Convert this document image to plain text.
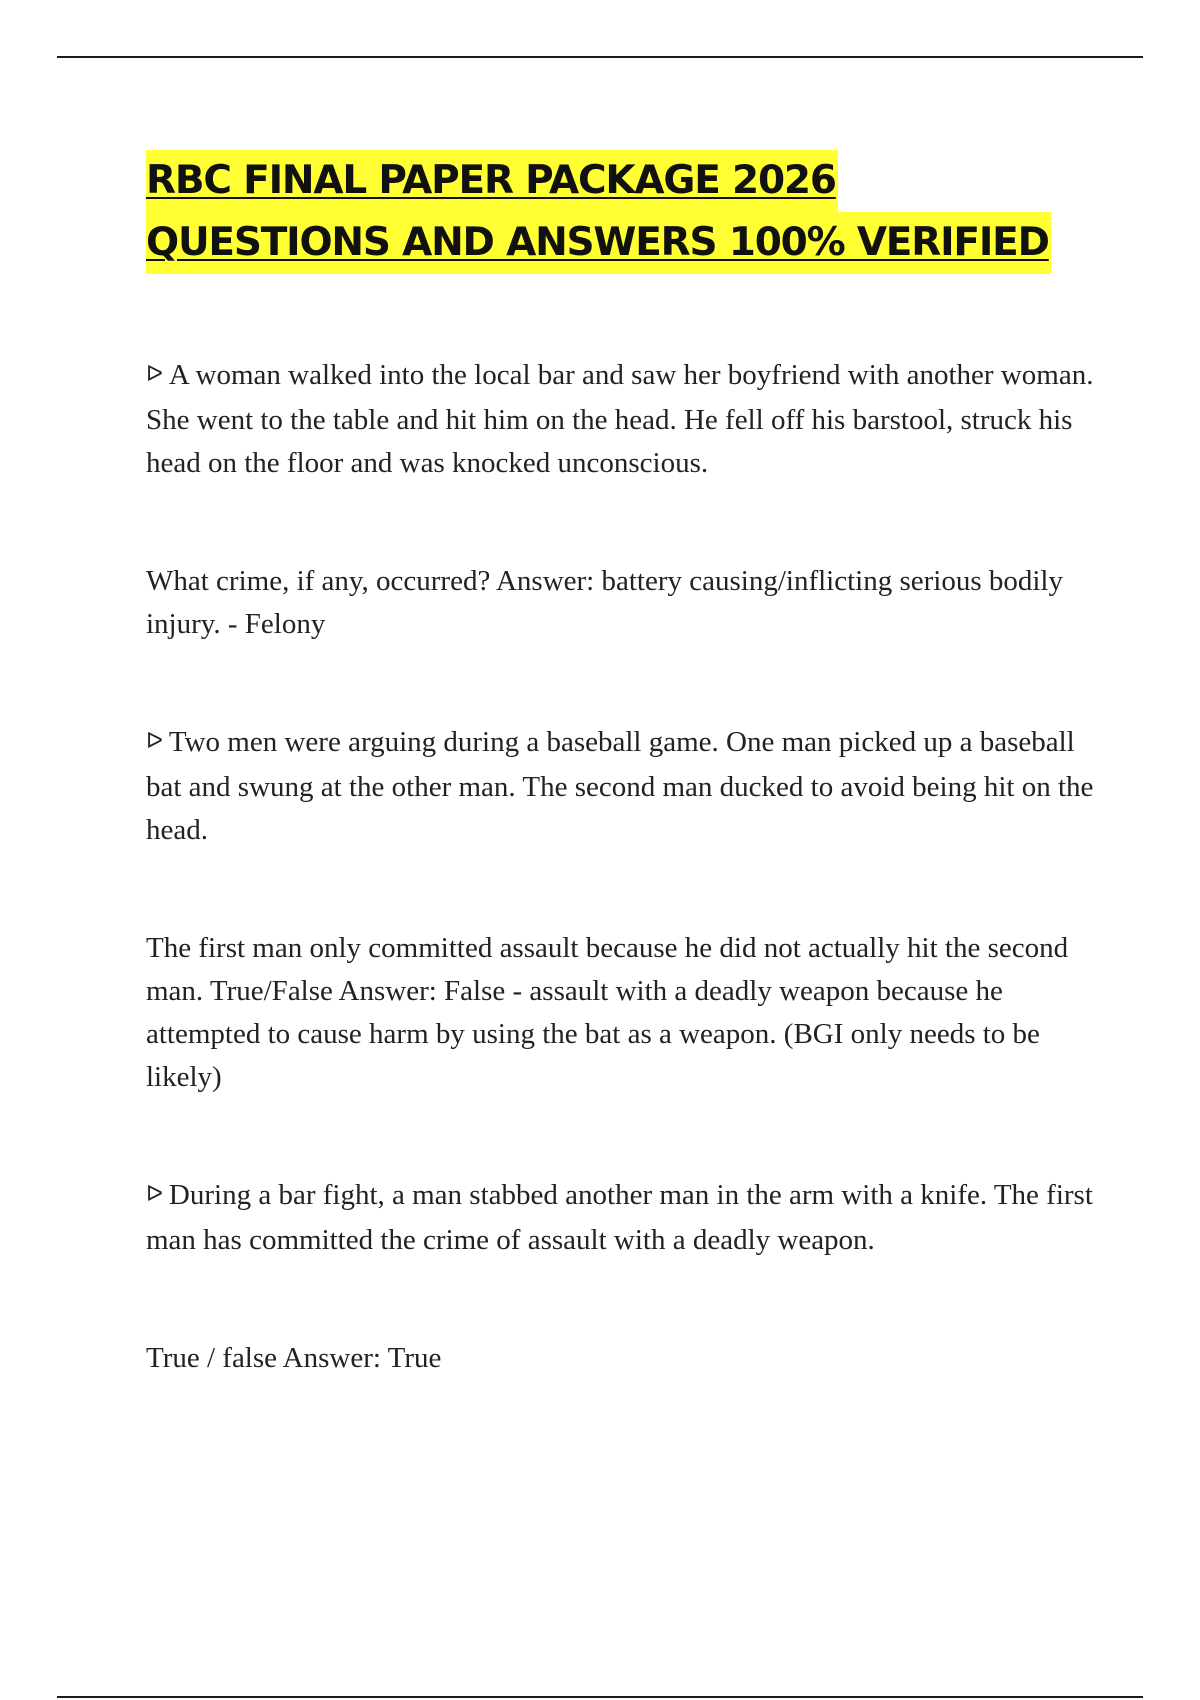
RBC FINAL PAPER PACKAGE 2026
QUESTIONS AND ANSWERS 100% VERIFIED

ᐅ A woman walked into the local bar and saw her boyfriend with another woman. She went to the table and hit him on the head. He fell off his barstool, struck his head on the floor and was knocked unconscious.

What crime, if any, occurred? Answer: battery causing/inflicting serious bodily injury. - Felony

ᐅ Two men were arguing during a baseball game. One man picked up a baseball bat and swung at the other man. The second man ducked to avoid being hit on the head.

The first man only committed assault because he did not actually hit the second man. True/False Answer: False - assault with a deadly weapon because he attempted to cause harm by using the bat as a weapon. (BGI only needs to be likely)

ᐅ During a bar fight, a man stabbed another man in the arm with a knife. The first man has committed the crime of assault with a deadly weapon.

True / false Answer: True
